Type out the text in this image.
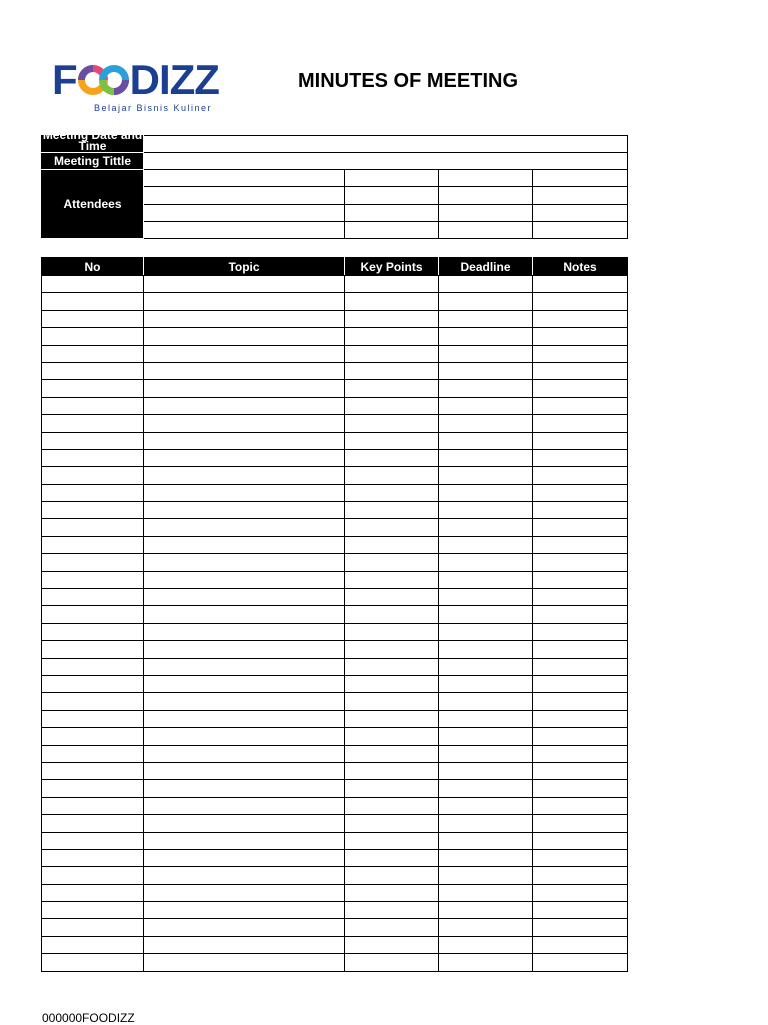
F DIZZ
Belajar Bisnis Kuliner
MINUTES OF MEETING
Meeting Date and
Time				

Meeting Tittle				
Attendees				

No	Topic	Key Points	Deadline	Notes

000000FOODIZZ
